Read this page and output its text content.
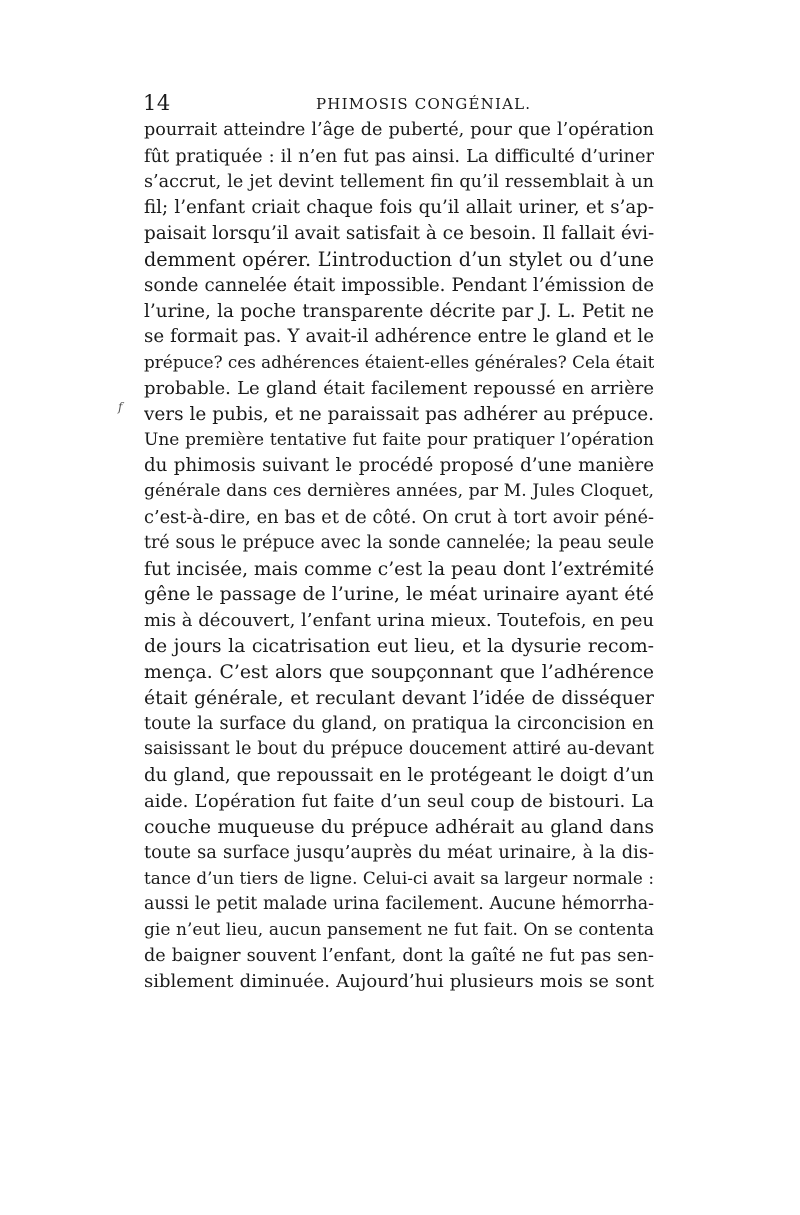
14	PHIMOSIS CONGÉNIAL.
f
pourrait atteindre l’âge de puberté, pour que l’opération
fût pratiquée : il n’en fut pas ainsi. La difficulté d’uriner
s’accrut, le jet devint tellement fin qu’il ressemblait à un
fil; l’enfant criait chaque fois qu’il allait uriner, et s’ap-
paisait lorsqu’il avait satisfait à ce besoin. Il fallait évi-
demment opérer. L’introduction d’un stylet ou d’une
sonde cannelée était impossible. Pendant l’émission de
l’urine, la poche transparente décrite par J. L. Petit ne
se formait pas. Y avait-il adhérence entre le gland et le
prépuce? ces adhérences étaient-elles générales? Cela était
probable. Le gland était facilement repoussé en arrière
vers le pubis, et ne paraissait pas adhérer au prépuce.
Une première tentative fut faite pour pratiquer l’opération
du phimosis suivant le procédé proposé d’une manière
générale dans ces dernières années, par M. Jules Cloquet,
c’est-à-dire, en bas et de côté. On crut à tort avoir péné-
tré sous le prépuce avec la sonde cannelée; la peau seule
fut incisée, mais comme c’est la peau dont l’extrémité
gêne le passage de l’urine, le méat urinaire ayant été
mis à découvert, l’enfant urina mieux. Toutefois, en peu
de jours la cicatrisation eut lieu, et la dysurie recom-
mença. C’est alors que soupçonnant que l’adhérence
était générale, et reculant devant l’idée de disséquer
toute la surface du gland, on pratiqua la circoncision en
saisissant le bout du prépuce doucement attiré au-devant
du gland, que repoussait en le protégeant le doigt d’un
aide. L’opération fut faite d’un seul coup de bistouri. La
couche muqueuse du prépuce adhérait au gland dans
toute sa surface jusqu’auprès du méat urinaire, à la dis-
tance d’un tiers de ligne. Celui-ci avait sa largeur normale :
aussi le petit malade urina facilement. Aucune hémorrha-
gie n’eut lieu, aucun pansement ne fut fait. On se contenta
de baigner souvent l’enfant, dont la gaîté ne fut pas sen-
siblement diminuée. Aujourd’hui plusieurs mois se sont
